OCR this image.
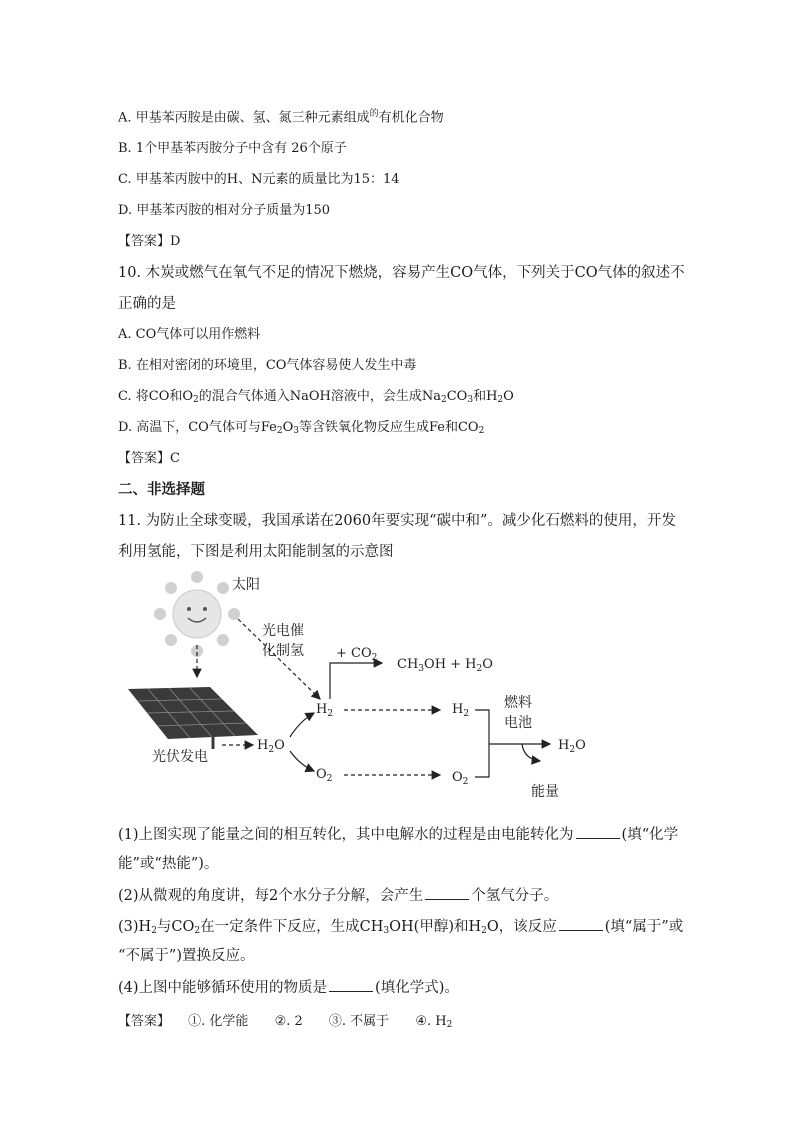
A. 甲基苯丙胺是由碳、氢、氮三种元素组成$^的$有机化合物
B. 1个甲基苯丙胺分子中含有 26个原子
C. 甲基苯丙胺中的H、N元素的质量比为15：14
D. 甲基苯丙胺的相对分子质量为150
【答案】D
10. 木炭或燃气在氧气不足的情况下燃烧，容易产生CO气体，下列关于CO气体的叙述不
正确的是
A. CO气体可以用作燃料
B. 在相对密闭的环境里，CO气体容易使人发生中毒
C. 将CO和$O_2$的混合气体通入NaOH溶液中，会生成$Na_2CO_3$和$H_2O$
D. 高温下，CO气体可与$Fe_2O_3$等含铁氧化物反应生成Fe和$CO_2$
【答案】C
二、非选择题
11. 为防止全球变暖，我国承诺在2060年要实现“碳中和”。减少化石燃料的使用，开发
利用氢能，下图是利用太阳能制氢的示意图
太阳
光伏发电
光电催
化制氢
$H_2O$
$H_2$
+ $CO_2$ $CH_3OH + H_2O$
$H_2$
$O_2$	$O_2$
燃料
电池
$H_2O$
能量
(1)上图实现了能量之间的相互转化，其中电解水的过程是由电能转化为	(填“化学
能”或“热能”)。
(2)从微观的角度讲，每2个水分子分解，会产生	个氢气分子。
$(3)H_2$与$CO_2$在一定条件下反应，生成$CH_3OH$(甲醇)和$H_2O$，该反应	(填“属于”或
“不属于”)置换反应。
(4)上图中能够循环使用的物质是	(填化学式)。
【答案】 ①. 化学能 ②. 2 ③. 不属于 ④. $H_2$
